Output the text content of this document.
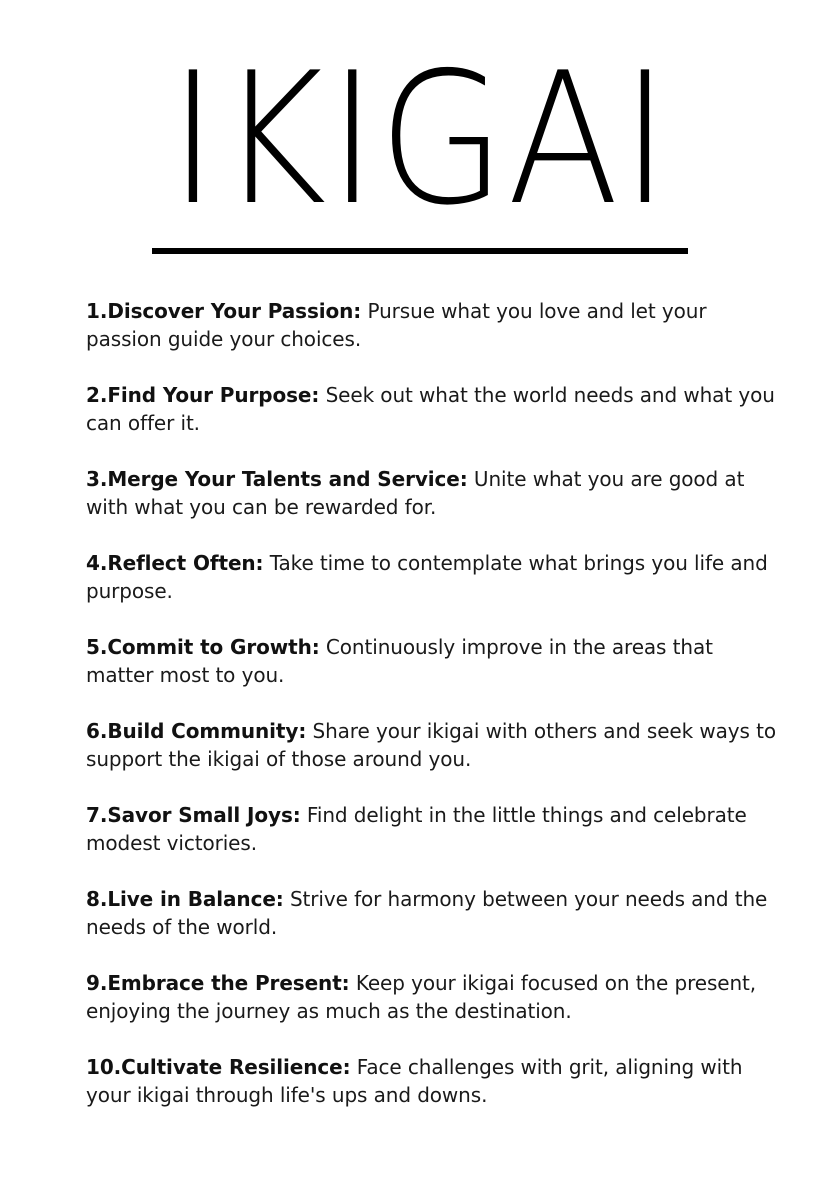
IKIGAI
1.Discover Your Passion: Pursue what you love and let your passion guide your choices.
2.Find Your Purpose: Seek out what the world needs and what you can offer it.
3.Merge Your Talents and Service: Unite what you are good at with what you can be rewarded for.
4.Reflect Often: Take time to contemplate what brings you life and purpose.
5.Commit to Growth: Continuously improve in the areas that matter most to you.
6.Build Community: Share your ikigai with others and seek ways to support the ikigai of those around you.
7.Savor Small Joys: Find delight in the little things and celebrate modest victories.
8.Live in Balance: Strive for harmony between your needs and the needs of the world.
9.Embrace the Present: Keep your ikigai focused on the present, enjoying the journey as much as the destination.
10.Cultivate Resilience: Face challenges with grit, aligning with your ikigai through life's ups and downs.
